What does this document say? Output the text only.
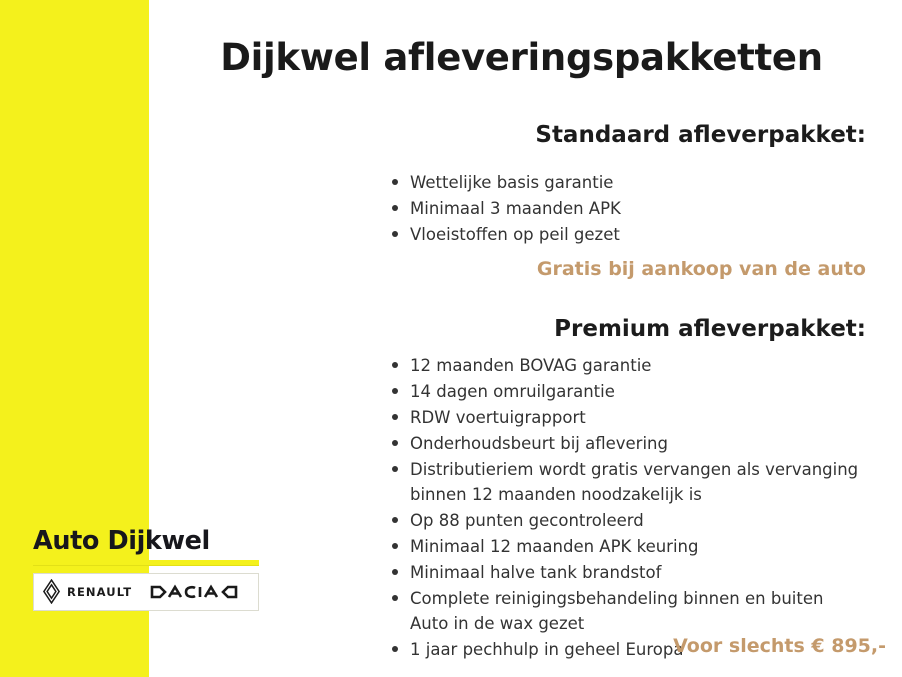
Dijkwel afleveringspakketten
Standaard afleverpakket:
Wettelijke basis garantie
Minimaal 3 maanden APK
Vloeistoffen op peil gezet
Gratis bij aankoop van de auto
Premium afleverpakket:
12 maanden BOVAG garantie
14 dagen omruilgarantie
RDW voertuigrapport
Onderhoudsbeurt bij aflevering
Distributieriem wordt gratis vervangen als vervanging
binnen 12 maanden noodzakelijk is
Op 88 punten gecontroleerd
Minimaal 12 maanden APK keuring
Minimaal halve tank brandstof
Complete reinigingsbehandeling binnen en buiten
Auto in de wax gezet
1 jaar pechhulp in geheel Europa
Voor slechts € 895,-
Auto Dijkwel
RENAULT
